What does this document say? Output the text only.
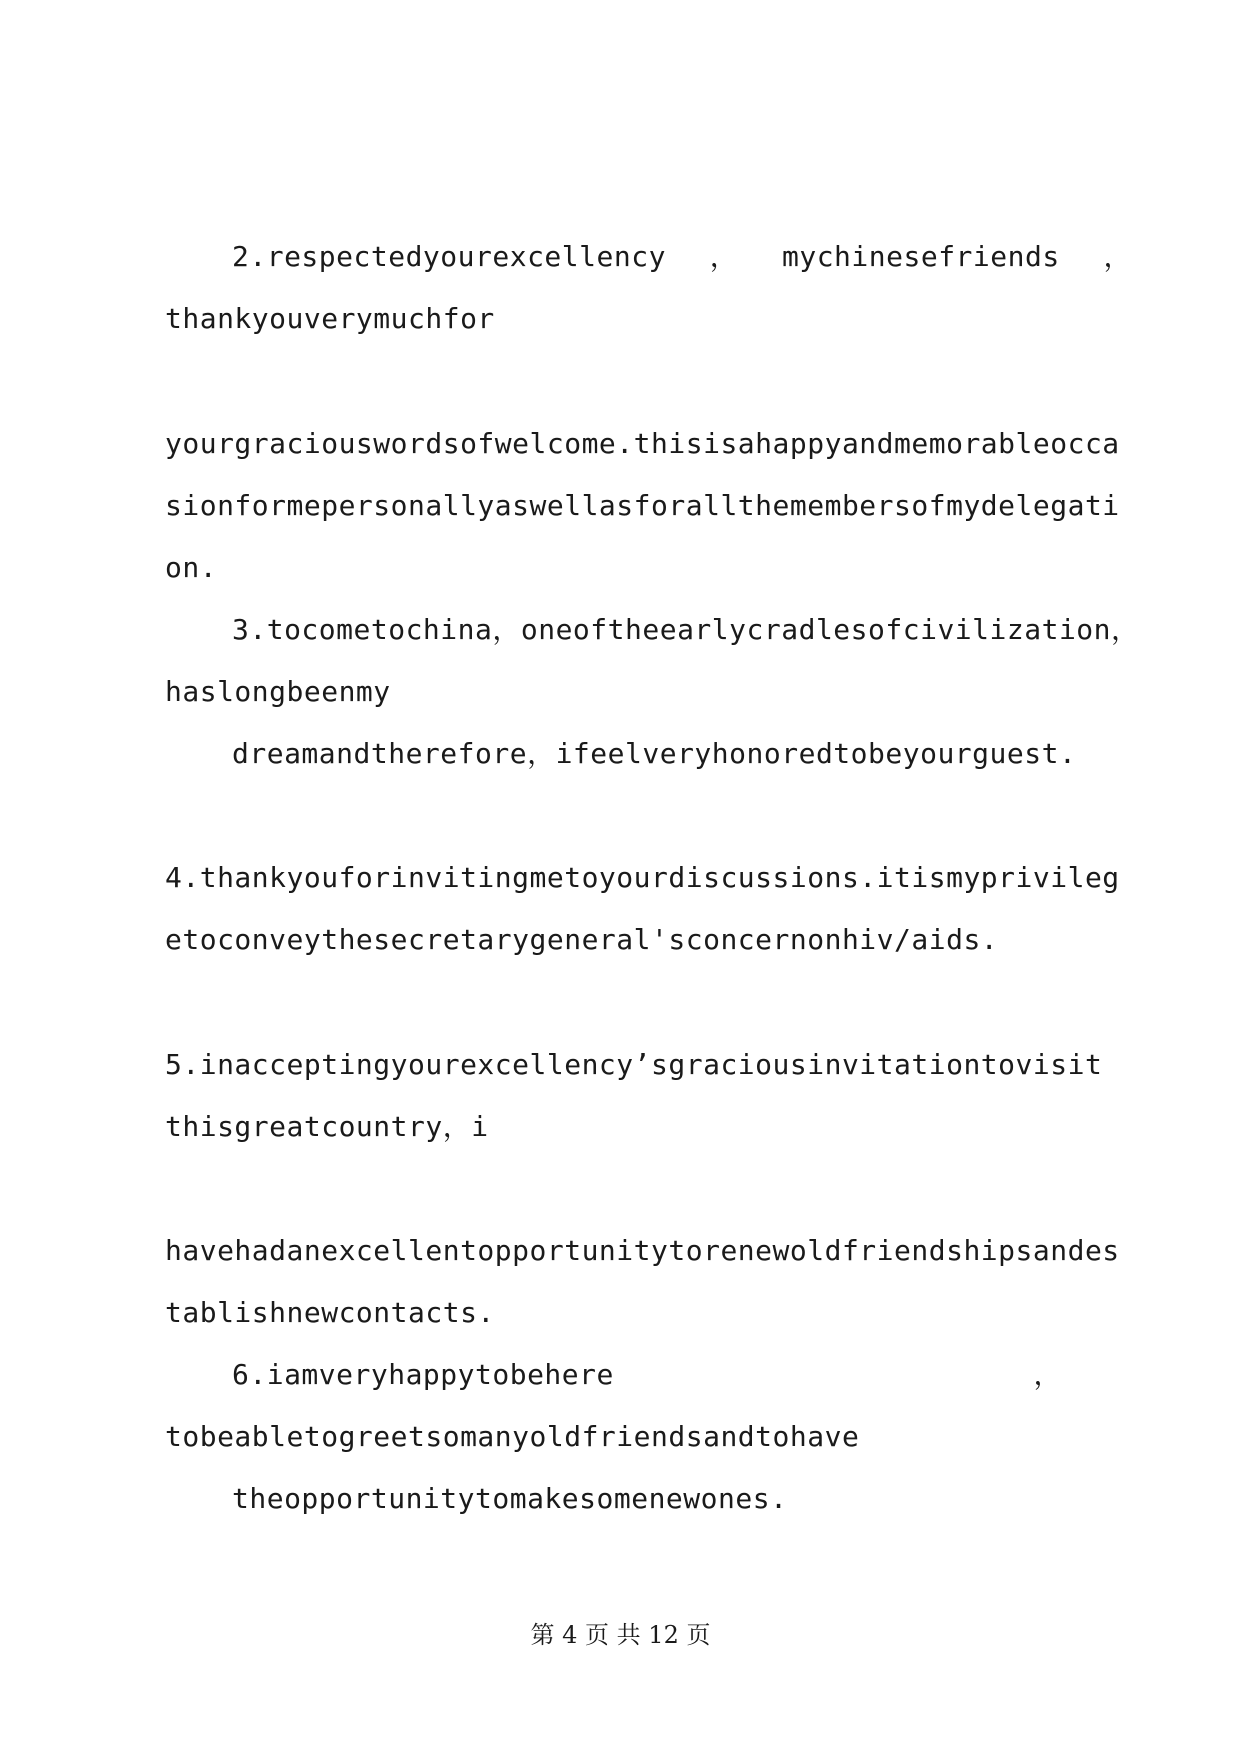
2.respectedyourexcellency ， mychinesefriends ，
thankyouverymuchfor
yourgraciouswordsofwelcome.thisisahappyandmemorableocca
sionformepersonallyaswellasforallthemembersofmydelegati
on.
3.tocometochina，oneoftheearlycradlesofcivilization，
haslongbeenmy
dreamandtherefore，ifeelveryhonoredtobeyourguest.
4.thankyouforinvitingmetoyourdiscussions.itismyprivileg
etoconveythesecretarygeneral'sconcernonhiv/aids.
5.inacceptingyourexcellency’sgraciousinvitationtovisit
thisgreatcountry，i
havehadanexcellentopportunitytorenewoldfriendshipsandes
tablishnewcontacts.
6.iamveryhappytobehere	，
tobeabletogreetsomanyoldfriendsandtohave
theopportunitytomakesomenewones.
第 4 页 共 12 页
